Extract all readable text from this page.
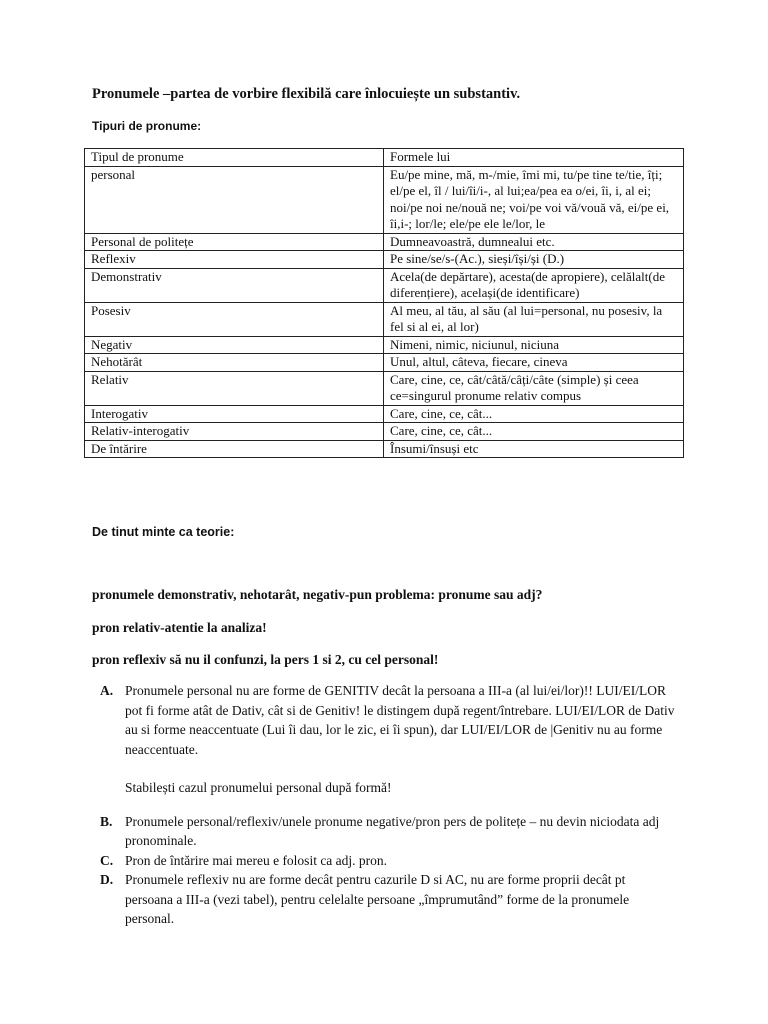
Pronumele –partea de vorbire flexibilă care înlocuiește un substantiv.
Tipuri de pronume:
Tipul de pronume	Formele lui
personal	Eu/pe mine, mă, m-/mie, îmi mi, tu/pe tine te/tie, îți; el/pe el, îl / lui/îi/i-, al lui;ea/pea ea o/ei, îi, i, al ei; noi/pe noi ne/nouă ne; voi/pe voi vă/vouă vă, ei/pe ei, îi,i-; lor/le; ele/pe ele le/lor, le
Personal de politețe	Dumneavoastră, dumnealui etc.
Reflexiv	Pe sine/se/s-(Ac.), sieși/își/și (D.)
Demonstrativ	Acela(de depărtare), acesta(de apropiere), celălalt(de diferențiere), același(de identificare)
Posesiv	Al meu, al tău, al său (al lui=personal, nu posesiv, la fel si al ei, al lor)
Negativ	Nimeni, nimic, niciunul, niciuna
Nehotărât	Unul, altul, câteva, fiecare, cineva
Relativ	Care, cine, ce, cât/câtă/câți/câte (simple) și ceea ce=singurul pronume relativ compus
Interogativ	Care, cine, ce, cât...
Relativ-interogativ	Care, cine, ce, cât...
De întărire	Însumi/însuși etc
De tinut minte ca teorie:
pronumele demonstrativ, nehotarât, negativ-pun problema: pronume sau adj?
pron relativ-atentie la analiza!
pron reflexiv să nu il confunzi, la pers 1 si 2, cu cel personal!
A. Pronumele personal nu are forme de GENITIV decât la persoana a III-a (al lui/ei/lor)!! LUI/EI/LOR pot fi forme atât de Dativ, cât si de Genitiv! le distingem după regent/întrebare. LUI/EI/LOR de Dativ au si forme neaccentuate (Lui îi dau, lor le zic, ei îi spun), dar LUI/EI/LOR de |Genitiv nu au forme neaccentuate.

Stabilești cazul pronumelui personal după formă!

B. Pronumele personal/reflexiv/unele pronume negative/pron pers de politețe – nu devin niciodata adj pronominale.

C. Pron de întărire mai mereu e folosit ca adj. pron.

D. Pronumele reflexiv nu are forme decât pentru cazurile D si AC, nu are forme proprii decât pt persoana a III-a (vezi tabel), pentru celelalte persoane „împrumutând” forme de la pronumele personal.
